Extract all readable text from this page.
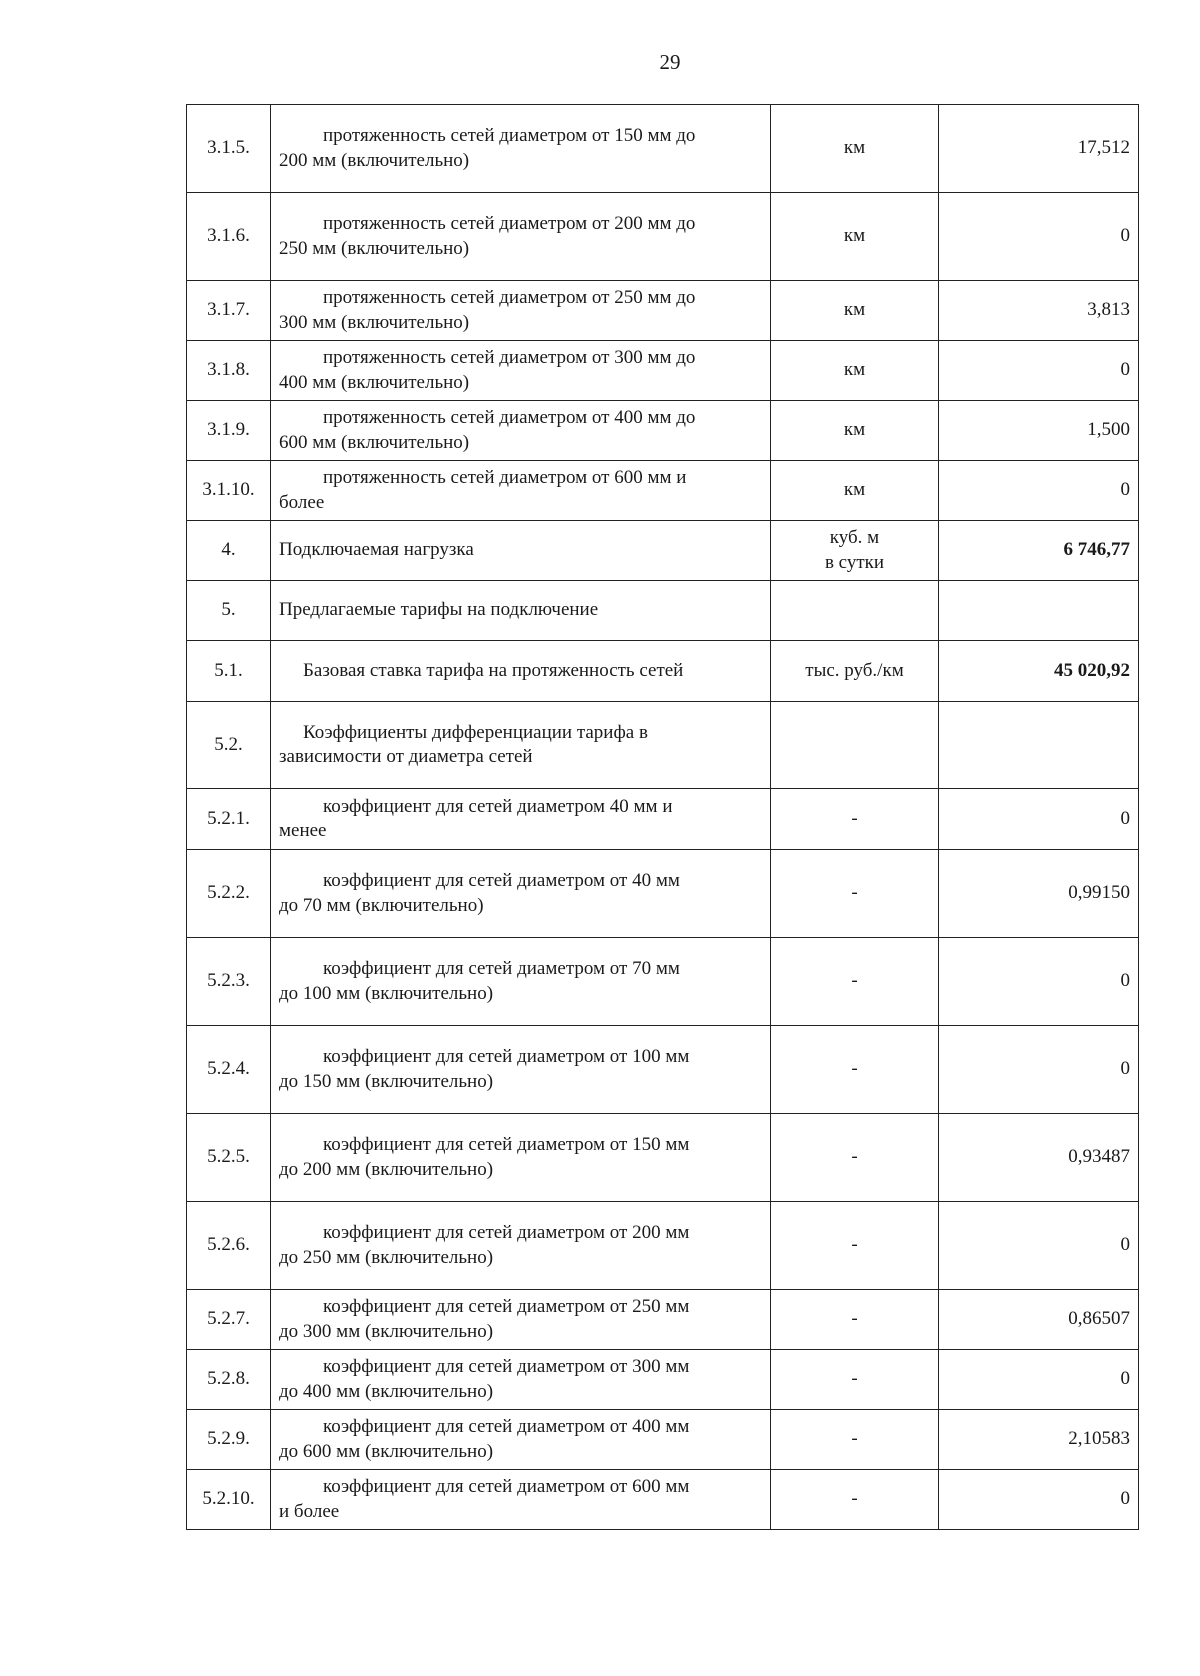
29
3.1.5.	протяженность сетей диаметром от 150 мм до
200 мм (включительно)	км	17,512
3.1.6.	протяженность сетей диаметром от 200 мм до
250 мм (включительно)	км	0
3.1.7.	протяженность сетей диаметром от 250 мм до
300 мм (включительно)	км	3,813
3.1.8.	протяженность сетей диаметром от 300 мм до
400 мм (включительно)	км	0
3.1.9.	протяженность сетей диаметром от 400 мм до
600 мм (включительно)	км	1,500
3.1.10.	протяженность сетей диаметром от 600 мм и
более	км	0
4.	Подключаемая нагрузка	куб. м
в сутки	6 746,77
5.	Предлагаемые тарифы на подключение		

5.1.	Базовая ставка тарифа на протяженность сетей	тыс. руб./км	45 020,92
5.2.	Коэффициенты дифференциации тарифа в
зависимости от диаметра сетей		
5.2.1.	коэффициент для сетей диаметром 40 мм и
менее	-	0
5.2.2.	коэффициент для сетей диаметром от 40 мм
до 70 мм (включительно)	-	0,99150
5.2.3.	коэффициент для сетей диаметром от 70 мм
до 100 мм (включительно)	-	0
5.2.4.	коэффициент для сетей диаметром от 100 мм
до 150 мм (включительно)	-	0
5.2.5.	коэффициент для сетей диаметром от 150 мм
до 200 мм (включительно)	-	0,93487
5.2.6.	коэффициент для сетей диаметром от 200 мм
до 250 мм (включительно)	-	0
5.2.7.	коэффициент для сетей диаметром от 250 мм
до 300 мм (включительно)	-	0,86507
5.2.8.	коэффициент для сетей диаметром от 300 мм
до 400 мм (включительно)	-	0
5.2.9.	коэффициент для сетей диаметром от 400 мм
до 600 мм (включительно)	-	2,10583
5.2.10.	коэффициент для сетей диаметром от 600 мм
и более	-	0
